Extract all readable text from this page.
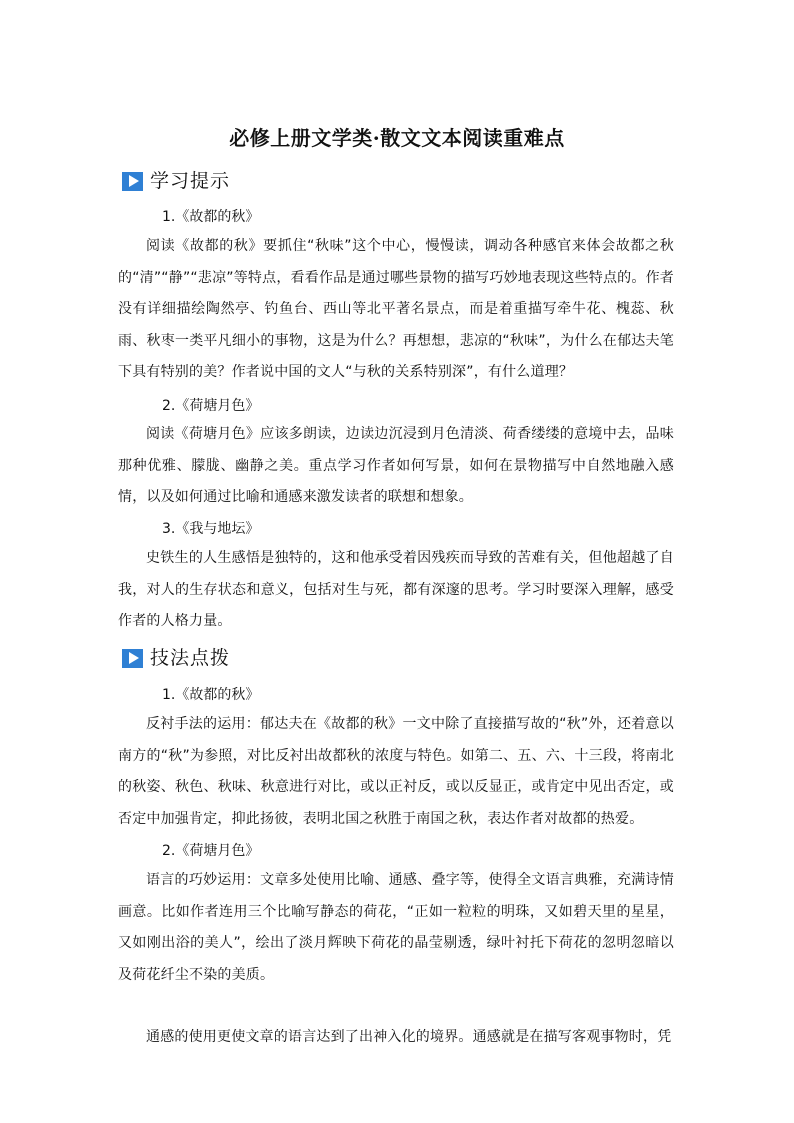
必修上册文学类·散文文本阅读重难点
学习提示
1.《故都的秋》

阅读《故都的秋》要抓住“秋味”这个中心，慢慢读，调动各种感官来体会故都之秋的“清”“静”“悲凉”等特点，看看作品是通过哪些景物的描写巧妙地表现这些特点的。作者没有详细描绘陶然亭、钓鱼台、西山等北平著名景点，而是着重描写牵牛花、槐蕊、秋雨、秋枣一类平凡细小的事物，这是为什么？再想想，悲凉的“秋味”，为什么在郁达夫笔下具有特别的美？作者说中国的文人“与秋的关系特别深”，有什么道理？

2.《荷塘月色》

阅读《荷塘月色》应该多朗读，边读边沉浸到月色清淡、荷香缕缕的意境中去，品味那种优雅、朦胧、幽静之美。重点学习作者如何写景，如何在景物描写中自然地融入感情，以及如何通过比喻和通感来激发读者的联想和想象。

3.《我与地坛》

史铁生的人生感悟是独特的，这和他承受着因残疾而导致的苦难有关，但他超越了自我，对人的生存状态和意义，包括对生与死，都有深邃的思考。学习时要深入理解，感受作者的人格力量。

技法点拨
1.《故都的秋》

反衬手法的运用：郁达夫在《故都的秋》一文中除了直接描写故的“秋”外，还着意以南方的“秋”为参照，对比反衬出故都秋的浓度与特色。如第二、五、六、十三段，将南北的秋姿、秋色、秋味、秋意进行对比，或以正衬反，或以反显正，或肯定中见出否定，或否定中加强肯定，抑此扬彼，表明北国之秋胜于南国之秋，表达作者对故都的热爱。

2.《荷塘月色》

语言的巧妙运用：文章多处使用比喻、通感、叠字等，使得全文语言典雅，充满诗情画意。比如作者连用三个比喻写静态的荷花，“正如一粒粒的明珠，又如碧天里的星星，又如刚出浴的美人”，绘出了淡月辉映下荷花的晶莹剔透，绿叶衬托下荷花的忽明忽暗以及荷花纤尘不染的美质。

通感的使用更使文章的语言达到了出神入化的境界。通感就是在描写客观事物时，凭
